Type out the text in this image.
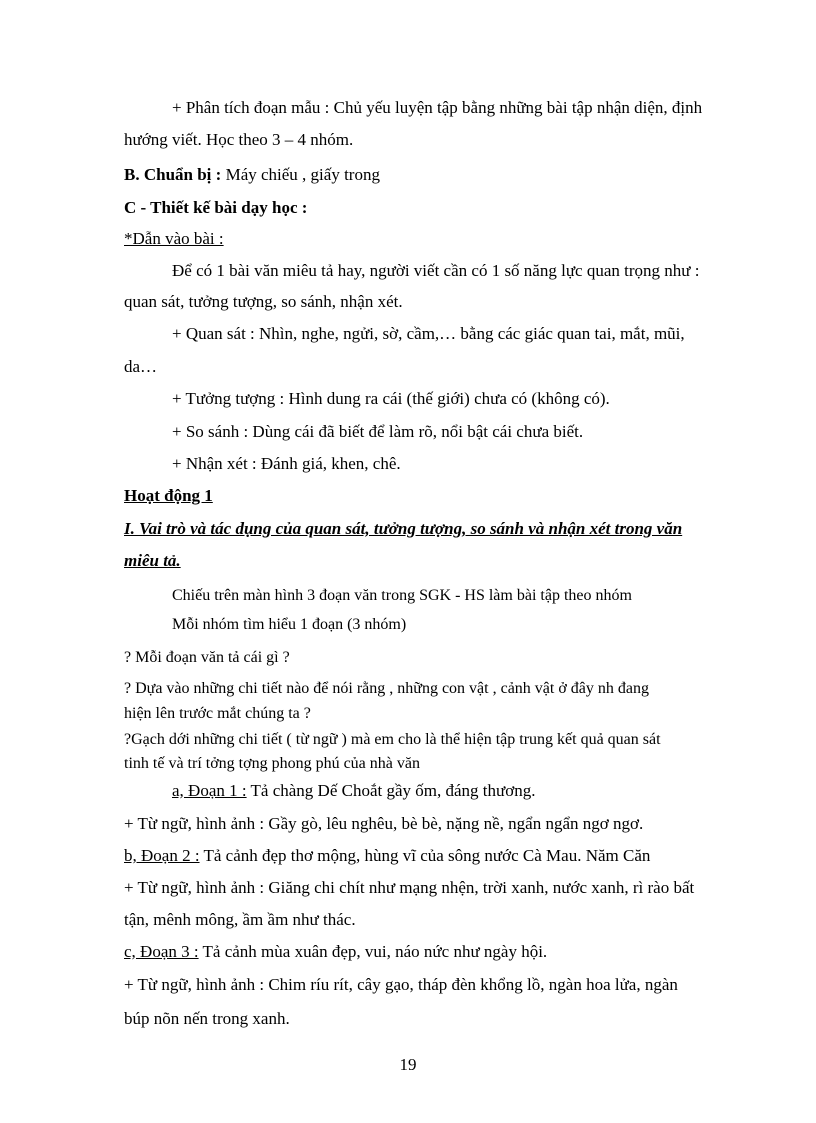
+ Phân tích đoạn mẫu : Chủ yếu luyện tập bằng những bài tập nhận diện, định
hướng viết. Học theo 3 – 4 nhóm.
B. Chuẩn bị : Máy chiếu , giấy trong
C - Thiết kế bài dạy học :
*Dẫn vào bài :
Để có 1 bài văn miêu tả hay, người viết cần có 1 số năng lực quan trọng như :
quan sát, tưởng tượng, so sánh, nhận xét.
+ Quan sát : Nhìn, nghe, ngửi, sờ, cầm,… bằng các giác quan tai, mắt, mũi,
da…
+ Tưởng tượng : Hình dung ra cái (thế giới) chưa có (không có).
+ So sánh : Dùng cái đã biết để làm rõ, nổi bật cái chưa biết.
+ Nhận xét : Đánh giá, khen, chê.
Hoạt động 1
I. Vai trò và tác dụng của quan sát, tưởng tượng, so sánh và nhận xét trong văn
miêu tả.
Chiếu trên màn hình 3 đoạn văn trong SGK - HS làm bài tập theo nhóm
Mỗi nhóm tìm hiểu 1 đoạn (3 nhóm)
? Mỗi đoạn văn tả cái gì ?
? Dựa vào những chi tiết nào để nói rằng , những con vật , cảnh vật ở đây nh đang
hiện lên trước mắt chúng ta ?
?Gạch dới những chi tiết ( từ ngữ ) mà em cho là thể hiện tập trung kết quả quan sát
tinh tế và trí tởng tợng phong phú của nhà văn
a, Đoạn 1 : Tả chàng Dế Choắt gầy ốm, đáng thương.
+ Từ ngữ, hình ảnh : Gầy gò, lêu nghêu, bè bè, nặng nề, ngẩn ngẩn ngơ ngơ.
b, Đoạn 2 : Tả cảnh đẹp thơ mộng, hùng vĩ của sông nước Cà Mau. Năm Căn
+ Từ ngữ, hình ảnh : Giăng chi chít như mạng nhện, trời xanh, nước xanh, rì rào bất
tận, mênh mông, ầm ầm như thác.
c, Đoạn 3 : Tả cảnh mùa xuân đẹp, vui, náo nức như ngày hội.
+ Từ ngữ, hình ảnh : Chim ríu rít, cây gạo, tháp đèn khổng lồ, ngàn hoa lửa, ngàn
búp nõn nến trong xanh.
19
